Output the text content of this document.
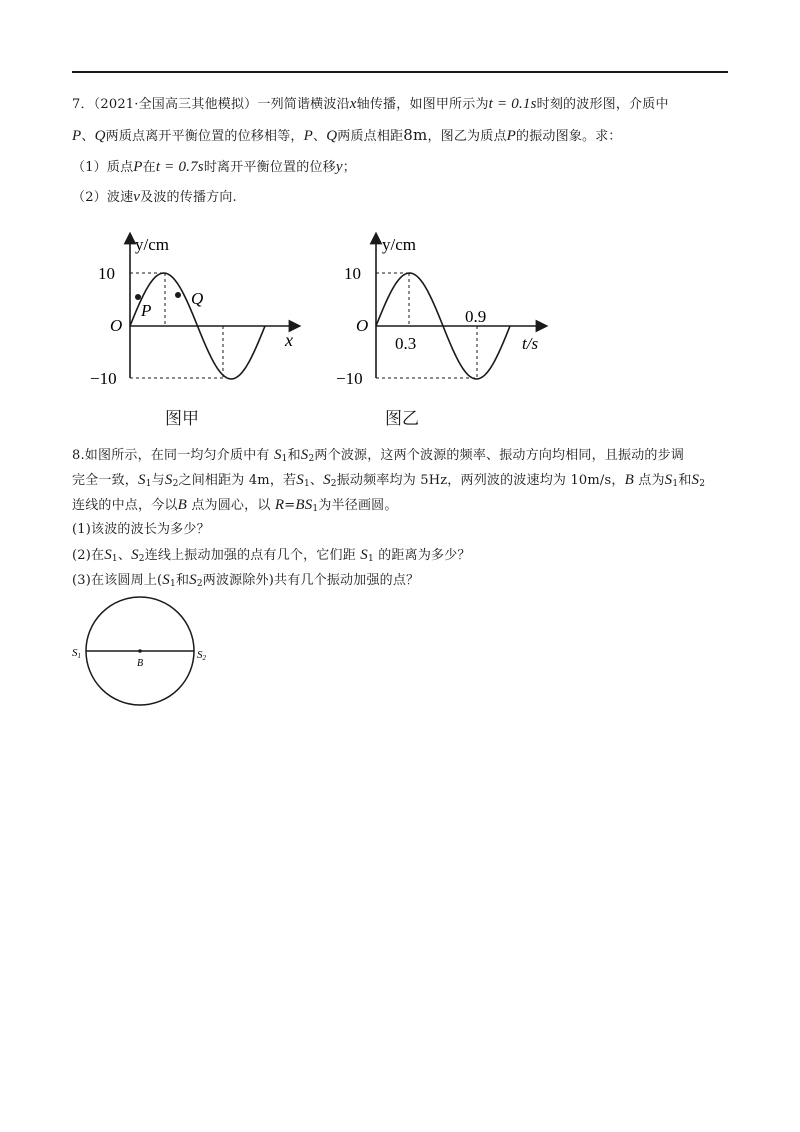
7．（2021·全国高三其他模拟）一列简谐横波沿x轴传播，如图甲所示为t = 0.1s时刻的波形图，介质中
P、Q两质点离开平衡位置的位移相等，P、Q两质点相距8m，图乙为质点P的振动图象。求：
（1）质点P在t = 0.7s时离开平衡位置的位移y；
（2）波速v及波的传播方向.
y/cm
x
O
10
−10
P
Q
图甲
y/cm
t/s
O
10
−10
0.3
0.9
图乙
8.如图所示，在同一均匀介质中有 $S_1$和$S_2$两个波源，这两个波源的频率、振动方向均相同，且振动的步调
完全一致，$S_1$与$S_2$之间相距为 4m，若$S_1$、$S_2$振动频率均为 5Hz，两列波的波速均为 10m/s，B 点为$S_1$和$S_2$
连线的中点，今以B 点为圆心，以 $R=BS_1$为半径画圆。
(1)该波的波长为多少？
(2)在$S_1$、$S_2$连线上振动加强的点有几个，它们距 $S_1$ 的距离为多少？
(3)在该圆周上($S_1$和$S_2$两波源除外)共有几个振动加强的点？
S1	S2
B
